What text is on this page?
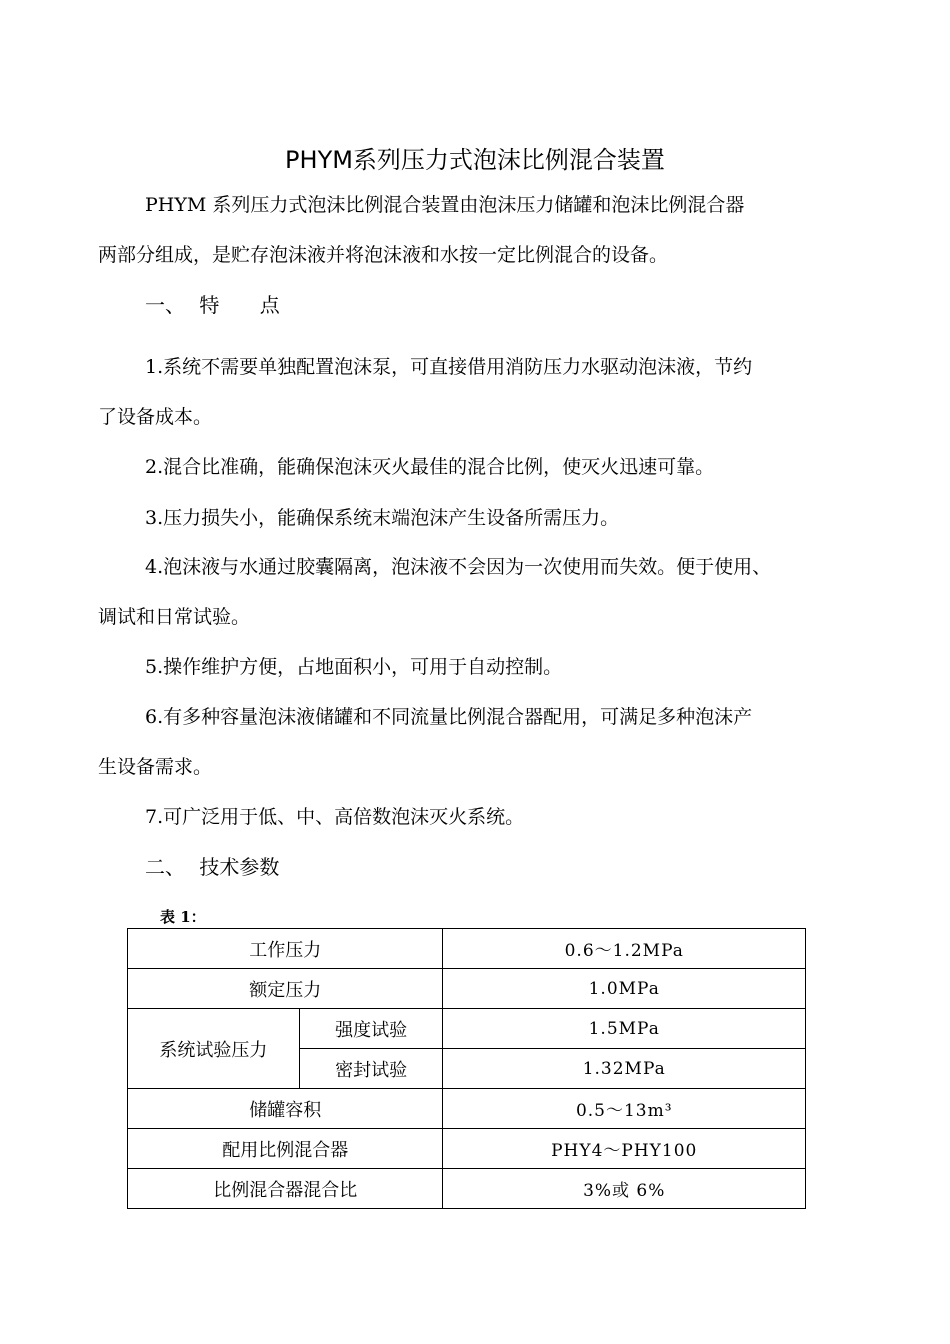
PHYM系列压力式泡沫比例混合装置
PHYM 系列压力式泡沫比例混合装置由泡沫压力储罐和泡沫比例混合器
两部分组成，是贮存泡沫液并将泡沫液和水按一定比例混合的设备。
一、 特 点
1.系统不需要单独配置泡沫泵，可直接借用消防压力水驱动泡沫液，节约
了设备成本。
2.混合比准确，能确保泡沫灭火最佳的混合比例，使灭火迅速可靠。
3.压力损失小，能确保系统末端泡沫产生设备所需压力。
4.泡沫液与水通过胶囊隔离，泡沫液不会因为一次使用而失效。便于使用、
调试和日常试验。
5.操作维护方便，占地面积小，可用于自动控制。
6.有多种容量泡沫液储罐和不同流量比例混合器配用，可满足多种泡沫产
生设备需求。
7.可广泛用于低、中、高倍数泡沫灭火系统。
二、 技术参数
表 1：
工作压力		0.6～1.2MPa
额定压力		1.0MPa
系统试验压力	强度试验	1.5MPa
	密封试验	1.32MPa
储罐容积		0.5～13m³
配用比例混合器		PHY4～PHY100
比例混合器混合比		3%或 6%
